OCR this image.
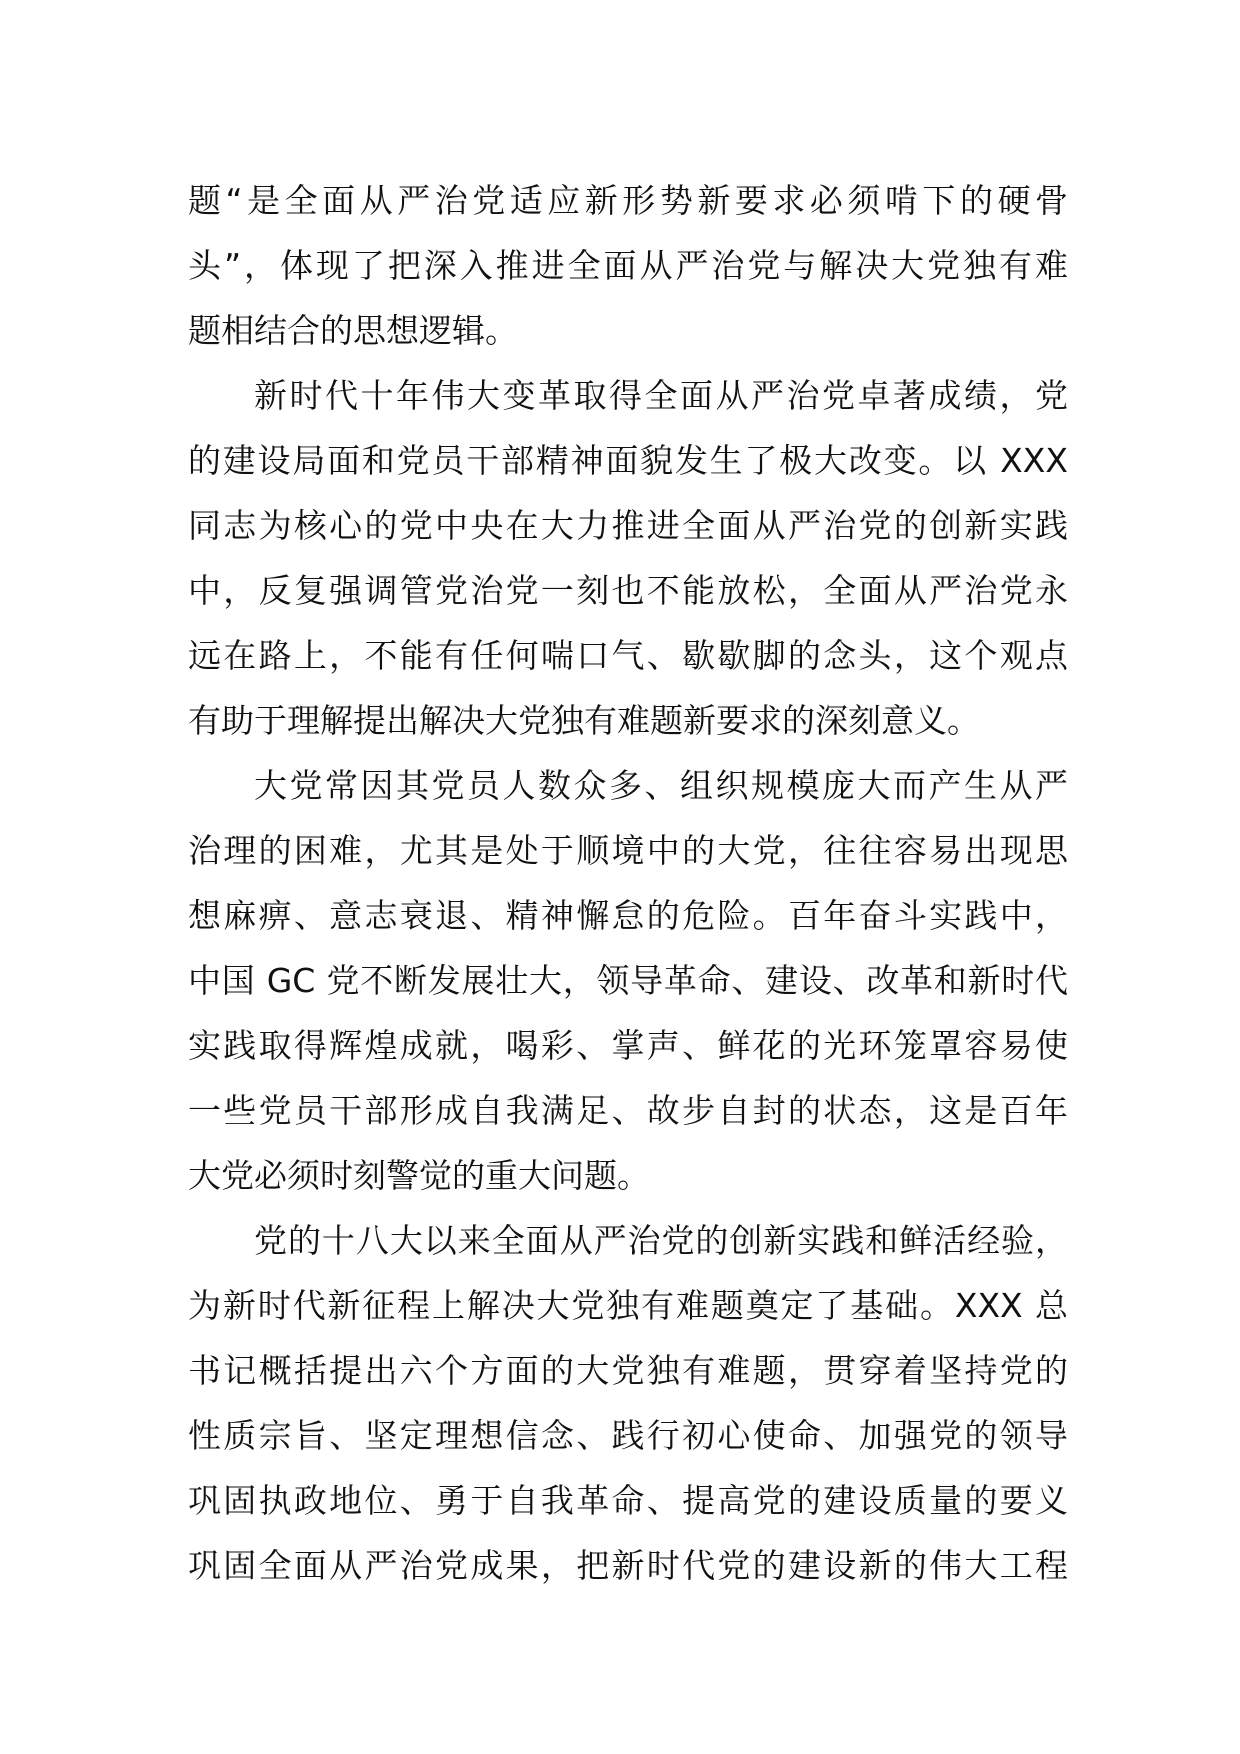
题“是全面从严治党适应新形势新要求必须啃下的硬骨
头”，体现了把深入推进全面从严治党与解决大党独有难
题相结合的思想逻辑。
新时代十年伟大变革取得全面从严治党卓著成绩，党
的建设局面和党员干部精神面貌发生了极大改变。以 XXX
同志为核心的党中央在大力推进全面从严治党的创新实践
中，反复强调管党治党一刻也不能放松，全面从严治党永
远在路上，不能有任何喘口气、歇歇脚的念头，这个观点
有助于理解提出解决大党独有难题新要求的深刻意义。
大党常因其党员人数众多、组织规模庞大而产生从严
治理的困难，尤其是处于顺境中的大党，往往容易出现思
想麻痹、意志衰退、精神懈怠的危险。百年奋斗实践中，
中国 GC 党不断发展壮大，领导革命、建设、改革和新时代
实践取得辉煌成就，喝彩、掌声、鲜花的光环笼罩容易使
一些党员干部形成自我满足、故步自封的状态，这是百年
大党必须时刻警觉的重大问题。
党的十八大以来全面从严治党的创新实践和鲜活经验，
为新时代新征程上解决大党独有难题奠定了基础。XXX 总
书记概括提出六个方面的大党独有难题，贯穿着坚持党的
性质宗旨、坚定理想信念、践行初心使命、加强党的领导
巩固执政地位、勇于自我革命、提高党的建设质量的要义
巩固全面从严治党成果，把新时代党的建设新的伟大工程
